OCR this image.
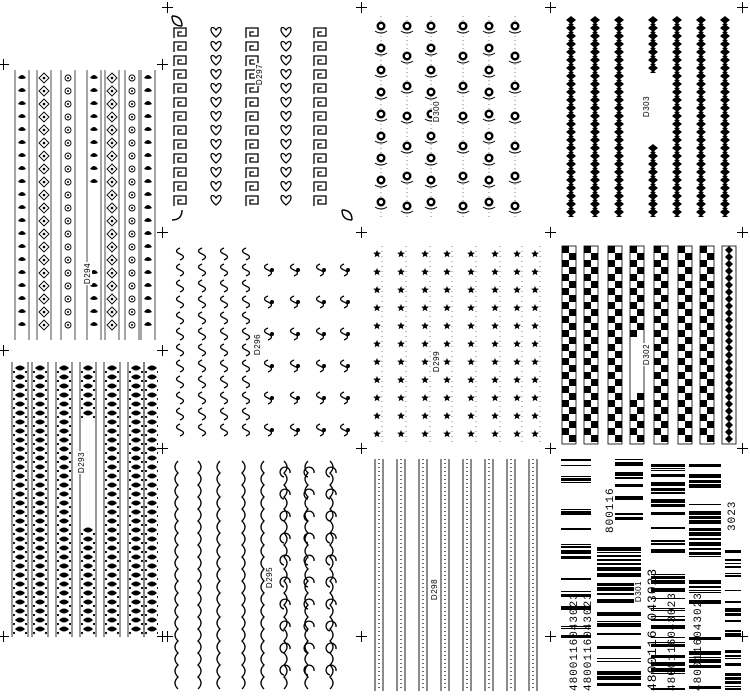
D294
D293
D297
D296
D295
D300
D299
D298
D303
D302
4800116043023 4800116043023	4800116 043023 4800116043023 4800116043023
800116	3023
D301
